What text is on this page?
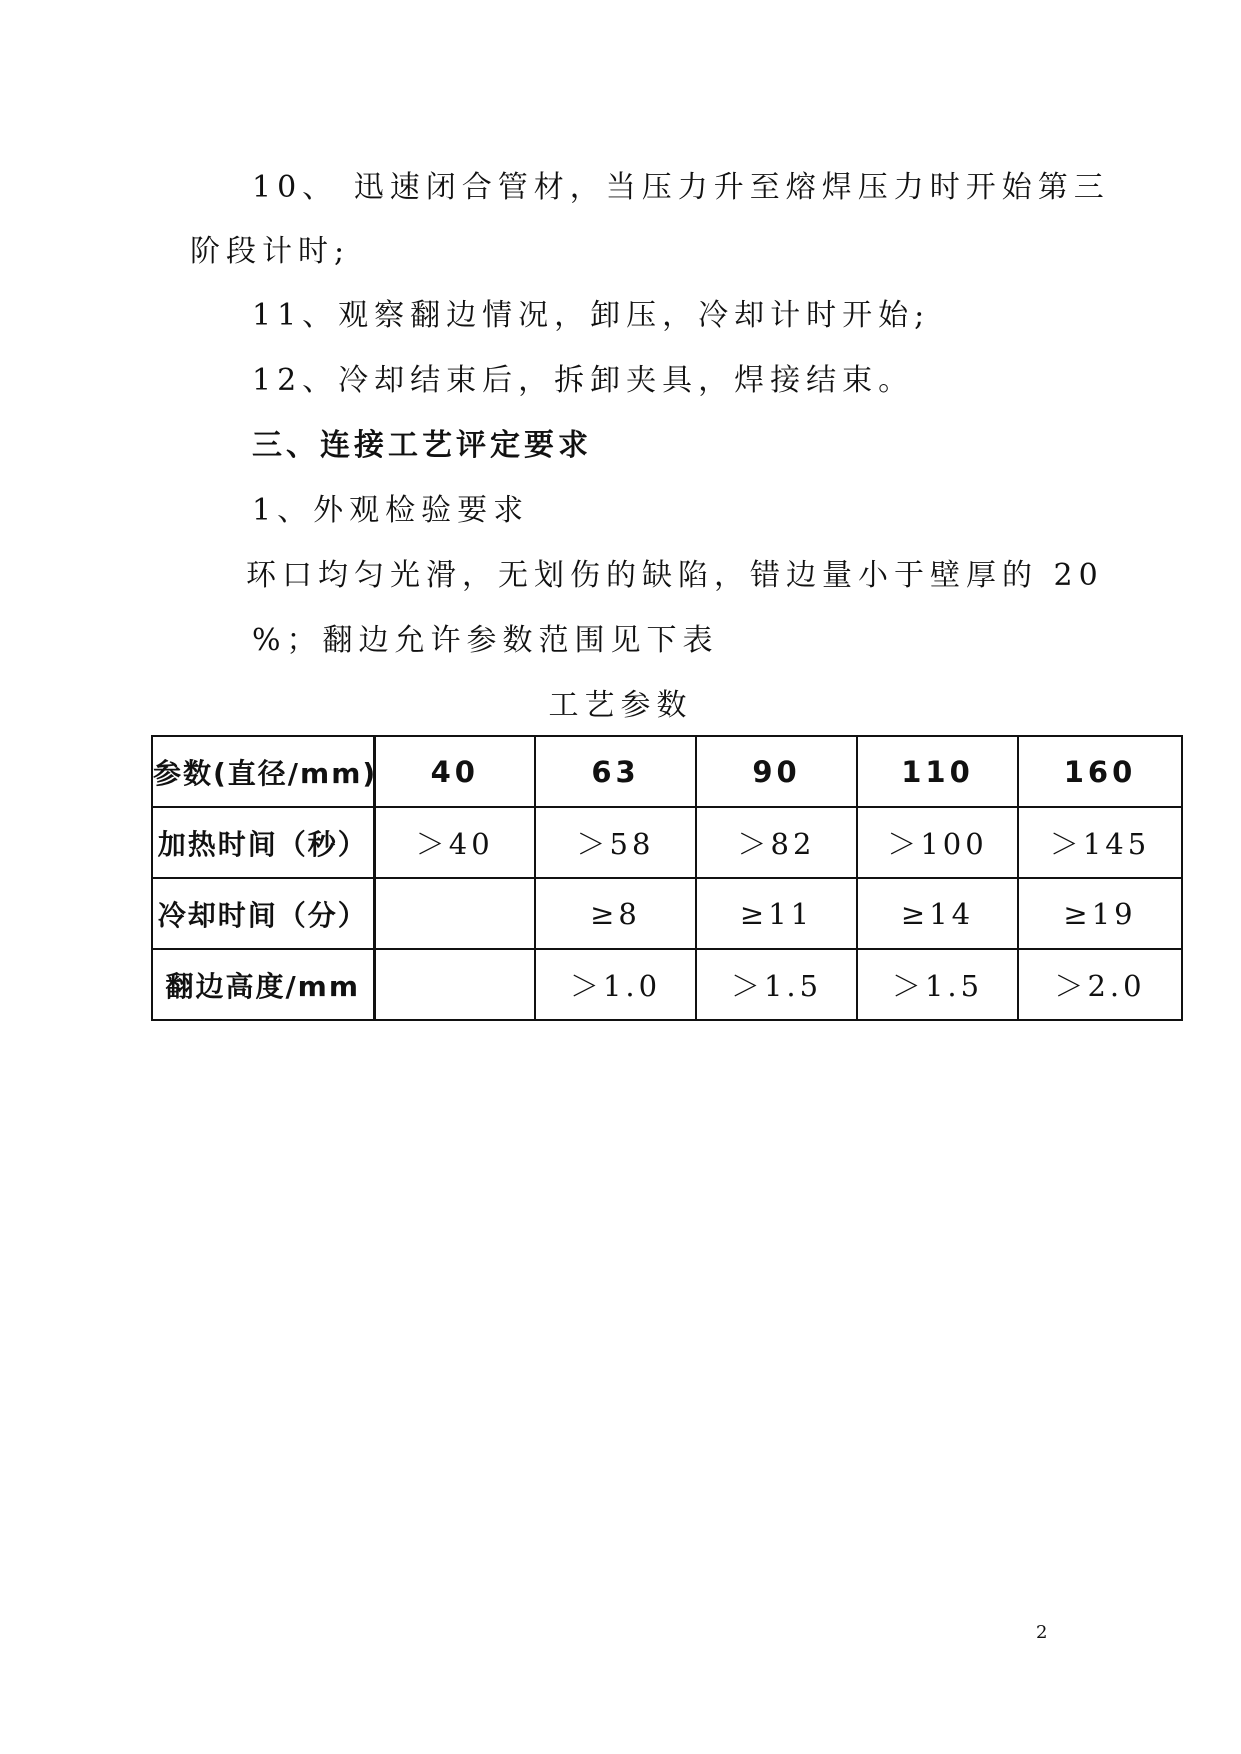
10、 迅速闭合管材，当压力升至熔焊压力时开始第三
阶段计时;
11、观察翻边情况，卸压，冷却计时开始;
12、冷却结束后，拆卸夹具，焊接结束。
三、连接工艺评定要求
1、外观检验要求
环口均匀光滑，无划伤的缺陷，错边量小于壁厚的 20
%；翻边允许参数范围见下表
工艺参数
参数(直径/mm)	40	63	90	110	160
加热时间（秒）	＞40	＞58	＞82	＞100	＞145
冷却时间（分）		≥8	≥11	≥14	≥19
翻边高度/mm		＞1.0	＞1.5	＞1.5	＞2.0
2
